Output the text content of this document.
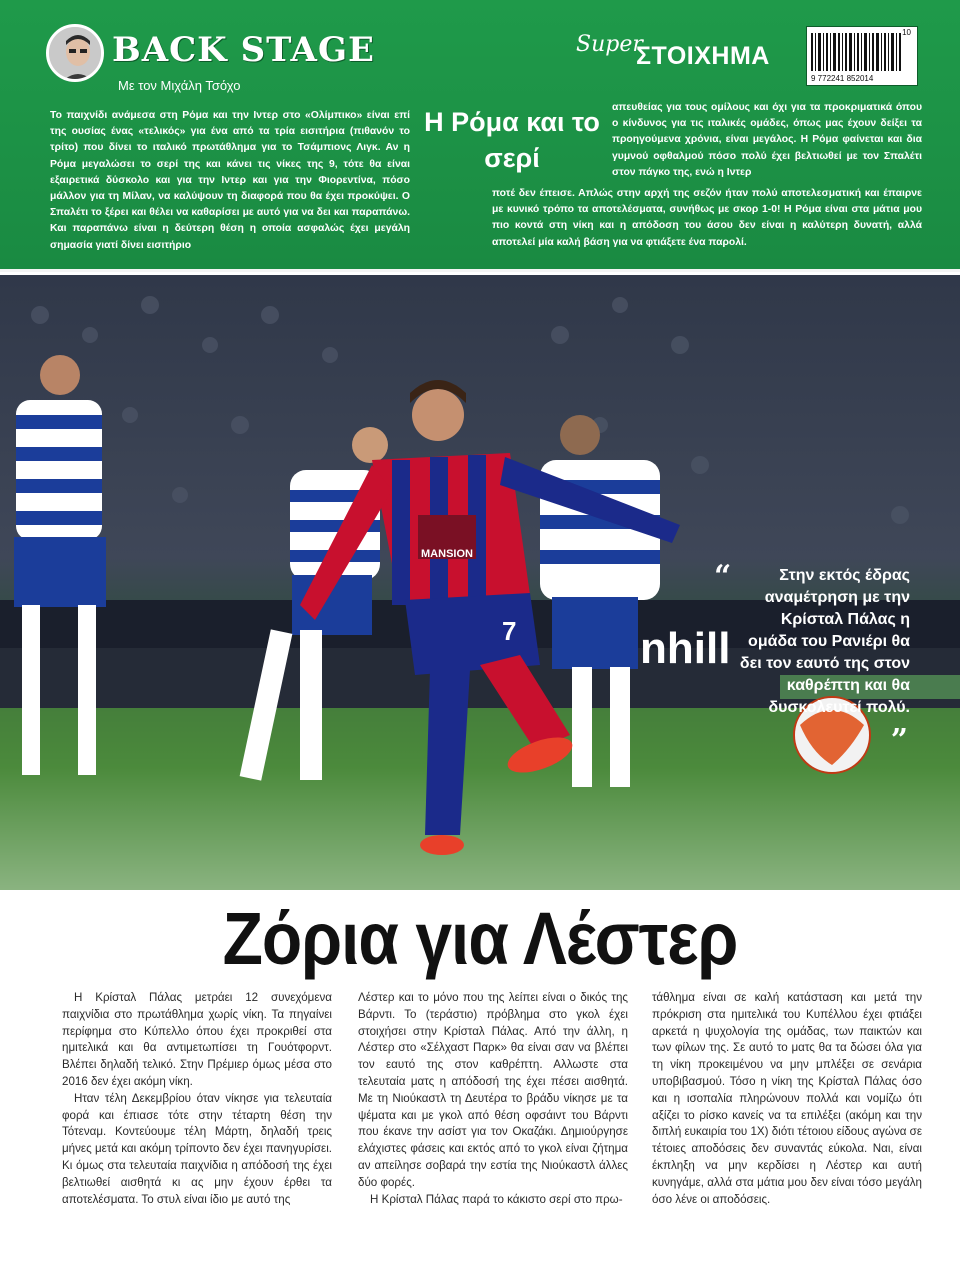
BACK STAGE
Με τον Μιχάλη Τσόχο
Super
ΣΤΟΙΧΗΜΑ
10
9 772241 852014
Το παιχνίδι ανάμεσα στη Ρόμα και την Ιντερ στο «Ολίμπικο» είναι επί της ουσίας ένας «τελικός» για ένα από τα τρία εισιτήρια (πιθανόν το τρίτο) που δίνει το ιταλικό πρωτάθλημα για το Τσάμπιονς Λιγκ. Αν η Ρόμα μεγαλώσει το σερί της και κάνει τις νίκες της 9, τότε θα είναι εξαιρετικά δύσκολο και για την Ιντερ και για την Φιορεντίνα, πόσο μάλλον για τη Μίλαν, να καλύψουν τη διαφορά που θα έχει προκύψει. Ο Σπαλέτι το ξέρει και θέλει να καθαρίσει με αυτό για να δει και παραπάνω. Και παραπάνω είναι η δεύτερη θέση η οποία ασφαλώς έχει μεγάλη σημασία γιατί δίνει εισιτήριο
Η Ρόμα και το σερί
απευθείας για τους ομίλους και όχι για τα προκριματικά όπου ο κίνδυνος για τις ιταλικές ομάδες, όπως μας έχουν δείξει τα προηγούμενα χρόνια, είναι μεγάλος. Η Ρόμα φαίνεται και δια γυμνού οφθαλμού πόσο πολύ έχει βελτιωθεί με τον Σπαλέτι στον πάγκο της, ενώ η Ιντερ
ποτέ δεν έπεισε. Απλώς στην αρχή της σεζόν ήταν πολύ αποτελεσματική και έπαιρνε με κυνικό τρόπο τα αποτελέσματα, συνήθως με σκορ 1-0! Η Ρόμα είναι στα μάτια μου πιο κοντά στη νίκη και η απόδοση του άσου δεν είναι η καλύτερη δυνατή, αλλά αποτελεί μία καλή βάση για να φτιάξετε ένα παρολί.
nhill
MANSION
7
“	Στην εκτός έδρας αναμέτρηση με την Κρίσταλ Πάλας η ομάδα του Ρανιέρι θα δει τον εαυτό της στον καθρέπτη και θα δυσκολευτεί πολύ.
”
Ζόρια για Λέστερ

Η Κρίσταλ Πάλας μετράει 12 συνεχόμενα παιχνίδια στο πρωτάθλημα χωρίς νίκη. Τα πηγαίνει περίφημα στο Κύπελλο όπου έχει προκριθεί στα ημιτελικά και θα αντιμετωπίσει τη Γουότφορντ. Βλέπει δηλαδή τελικό. Στην Πρέμιερ όμως μέσα στο 2016 δεν έχει ακόμη νίκη.

Ηταν τέλη Δεκεμβρίου όταν νίκησε για τελευταία φορά και έπιασε τότε στην τέταρτη θέση την Τότεναμ. Κοντεύουμε τέλη Μάρτη, δηλαδή τρεις μήνες μετά και ακόμη τρίποντο δεν έχει πανηγυρίσει. Κι όμως στα τελευταία παιχνίδια η απόδοσή της έχει βελτιωθεί αισθητά κι ας μην έχουν έρθει τα αποτελέσματα. Το στυλ είναι ίδιο με αυτό της

Λέστερ και το μόνο που της λείπει είναι ο δικός της Βάρντι. Το (τεράστιο) πρόβλημα στο γκολ έχει στοιχήσει στην Κρίσταλ Πάλας. Από την άλλη, η Λέστερ στο «Σέλχαστ Παρκ» θα είναι σαν να βλέπει τον εαυτό της στον καθρέπτη. Αλλωστε στα τελευταία ματς η απόδοσή της έχει πέσει αισθητά. Με τη Νιούκαστλ τη Δευτέρα το βράδυ νίκησε με τα ψέματα και με γκολ από θέση οφσάιντ του Βάρντι που έκανε την ασίστ για τον Οκαζάκι. Δημιούργησε ελάχιστες φάσεις και εκτός από το γκολ είναι ζήτημα αν απείλησε σοβαρά την εστία της Νιούκαστλ άλλες δύο φορές.

Η Κρίσταλ Πάλας παρά το κάκιστο σερί στο πρω-

τάθλημα είναι σε καλή κατάσταση και μετά την πρόκριση στα ημιτελικά του Κυπέλλου έχει φτιάξει αρκετά η ψυχολογία της ομάδας, των παικτών και των φίλων της. Σε αυτό το ματς θα τα δώσει όλα για τη νίκη προκειμένου να μην μπλέξει σε σενάρια υποβιβασμού. Τόσο η νίκη της Κρίσταλ Πάλας όσο και η ισοπαλία πληρώνουν πολλά και νομίζω ότι αξίζει το ρίσκο κανείς να τα επιλέξει (ακόμη και την διπλή ευκαιρία του 1X) διότι τέτοιου είδους αγώνα σε τέτοιες αποδόσεις δεν συναντάς εύκολα. Ναι, είναι έκπληξη να μην κερδίσει η Λέστερ και αυτή κυνηγάμε, αλλά στα μάτια μου δεν είναι τόσο μεγάλη όσο λένε οι αποδόσεις.
